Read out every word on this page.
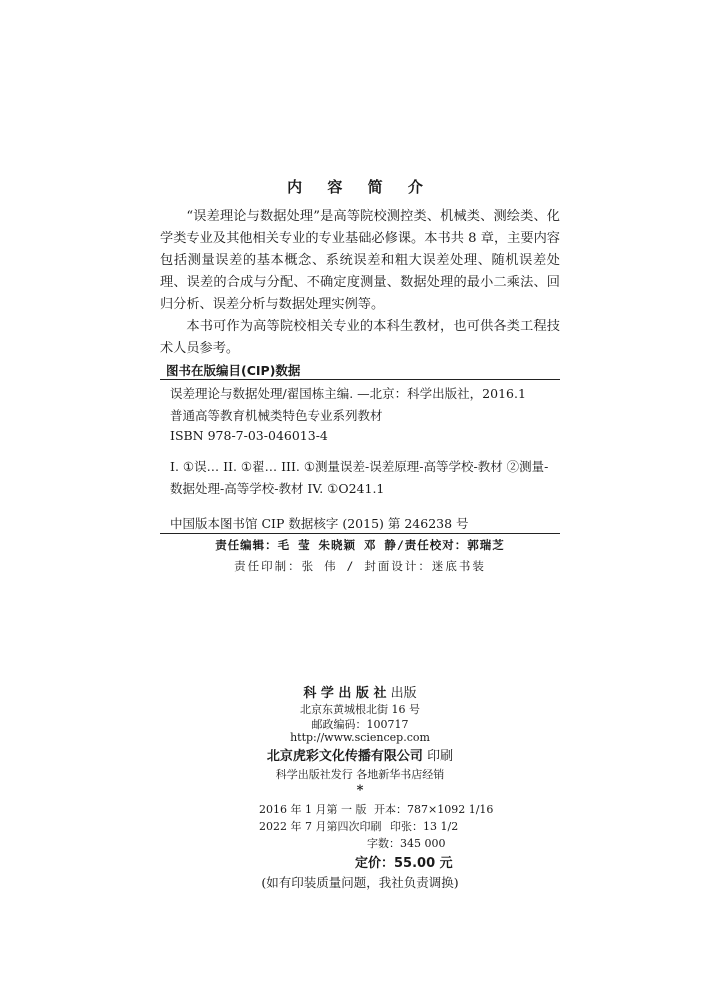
内 容 简 介

“误差理论与数据处理”是高等院校测控类、机械类、测绘类、化学类专业及其他相关专业的专业基础必修课。本书共 8 章，主要内容包括测量误差的基本概念、系统误差和粗大误差处理、随机误差处理、误差的合成与分配、不确定度测量、数据处理的最小二乘法、回归分析、误差分析与数据处理实例等。

本书可作为高等院校相关专业的本科生教材，也可供各类工程技术人员参考。

图书在版编目(CIP)数据
误差理论与数据处理/翟国栋主编. —北京：科学出版社，2016.1
普通高等教育机械类特色专业系列教材
ISBN 978-7-03-046013-4
I. ①误… II. ①翟… III. ①测量误差-误差原理-高等学校-教材 ②测量-数据处理-高等学校-教材 IV. ①O241.1
中国版本图书馆 CIP 数据核字 (2015) 第 246238 号
责任编辑：毛 莹 朱晓颖 邓 静/责任校对：郭瑞芝
责任印制：张 伟 / 封面设计：迷底书装
科 学 出 版 社 出版
北京东黄城根北街 16 号
邮政编码：100717
http://www.sciencep.com
北京虎彩文化传播有限公司 印刷
科学出版社发行 各地新华书店经销
*
2016 年 1 月第 一 版 开本：787×1092 1/16
2022 年 7 月第四次印刷 印张：13 1/2
字数：345 000
定价：55.00 元
(如有印装质量问题，我社负责调换)
